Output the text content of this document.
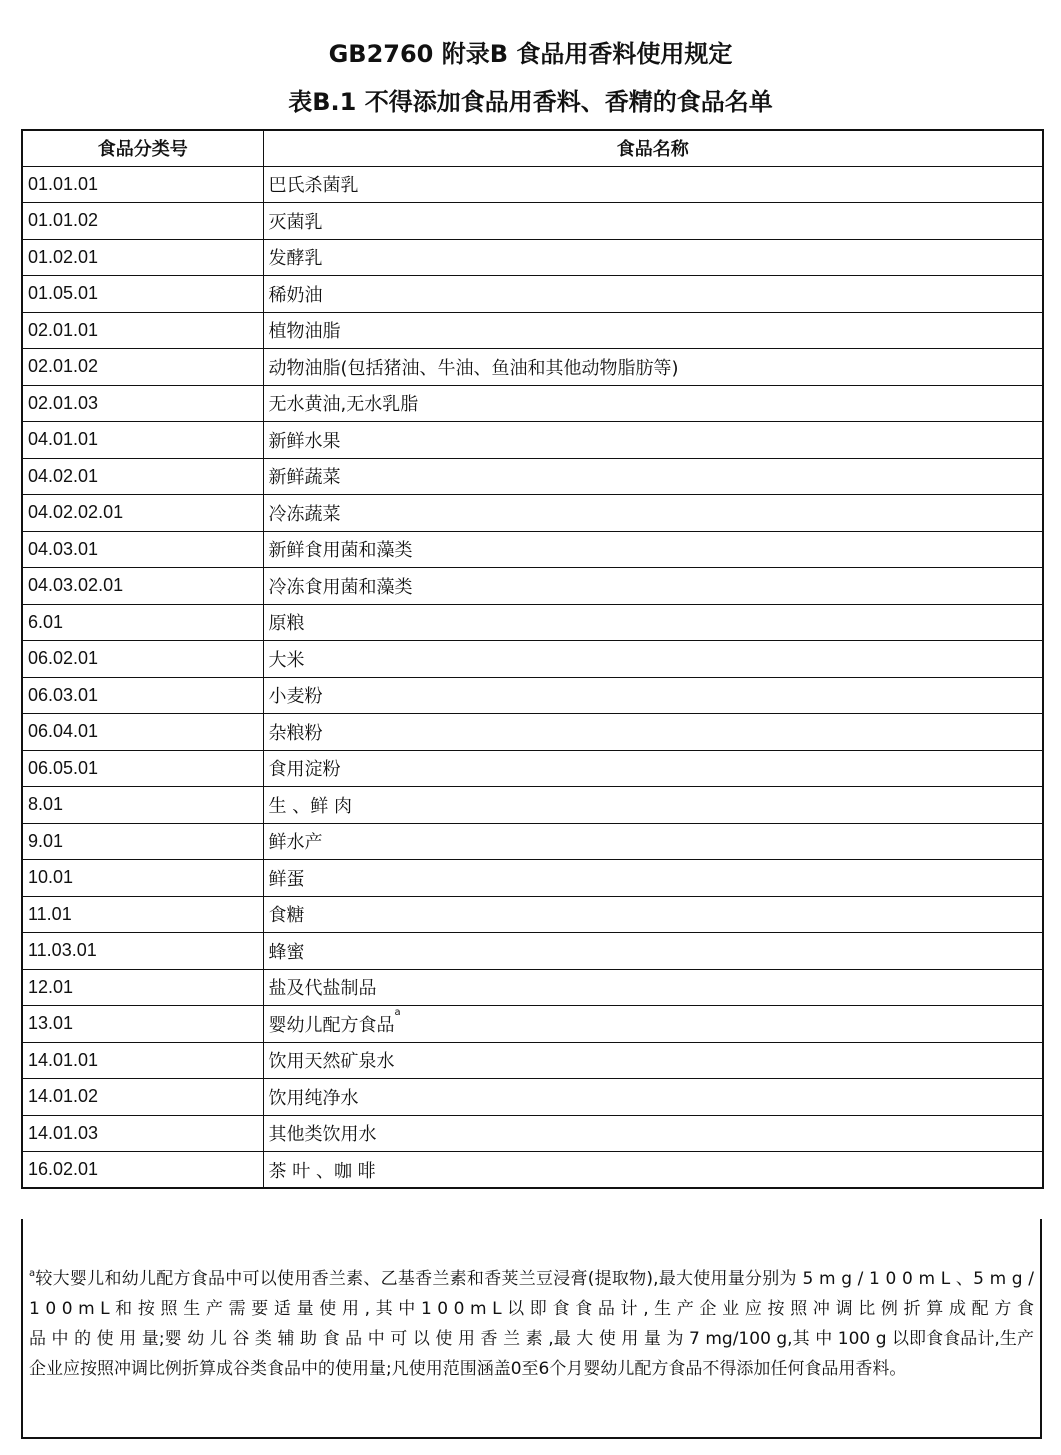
GB2760 附录B 食品用香料使用规定
表B.1 不得添加食品用香料、香精的食品名单
食品分类号	食品名称
01.01.01	巴氏杀菌乳
01.01.02	灭菌乳
01.02.01	发酵乳
01.05.01	稀奶油
02.01.01	植物油脂
02.01.02	动物油脂(包括猪油、牛油、鱼油和其他动物脂肪等)
02.01.03	无水黄油,无水乳脂
04.01.01	新鲜水果
04.02.01	新鲜蔬菜
04.02.02.01	冷冻蔬菜
04.03.01	新鲜食用菌和藻类
04.03.02.01	冷冻食用菌和藻类
6.01	原粮
06.02.01	大米
06.03.01	小麦粉
06.04.01	杂粮粉
06.05.01	食用淀粉
8.01	生 、鲜 肉
9.01	鲜水产
10.01	鲜蛋
11.01	食糖
11.03.01	蜂蜜
12.01	盐及代盐制品
13.01	婴幼儿配方食品$^a$
14.01.01	饮用天然矿泉水
14.01.02	饮用纯净水
14.01.03	其他类饮用水
16.02.01	茶 叶 、咖 啡
$^a$较大婴儿和幼儿配方食品中可以使用香兰素、乙基香兰素和香荚兰豆浸膏(提取物),最大使用量分别为 5 m g / 1 0 0 m L 、5 m g / 1 0 0 m L 和 按 照 生 产 需 要 适 量 使 用 , 其 中 1 0 0 m L 以 即 食 食 品 计 , 生 产 企 业 应 按 照 冲 调 比 例 折 算 成 配 方 食 品 中 的 使 用 量;婴 幼 儿 谷 类 辅 助 食 品 中 可 以 使 用 香 兰 素 ,最 大 使 用 量 为 7 mg/100 g,其 中 100 g 以即食食品计,生产企业应按照冲调比例折算成谷类食品中的使用量;凡使用范围涵盖0至6个月婴幼儿配方食品不得添加任何食品用香料。
